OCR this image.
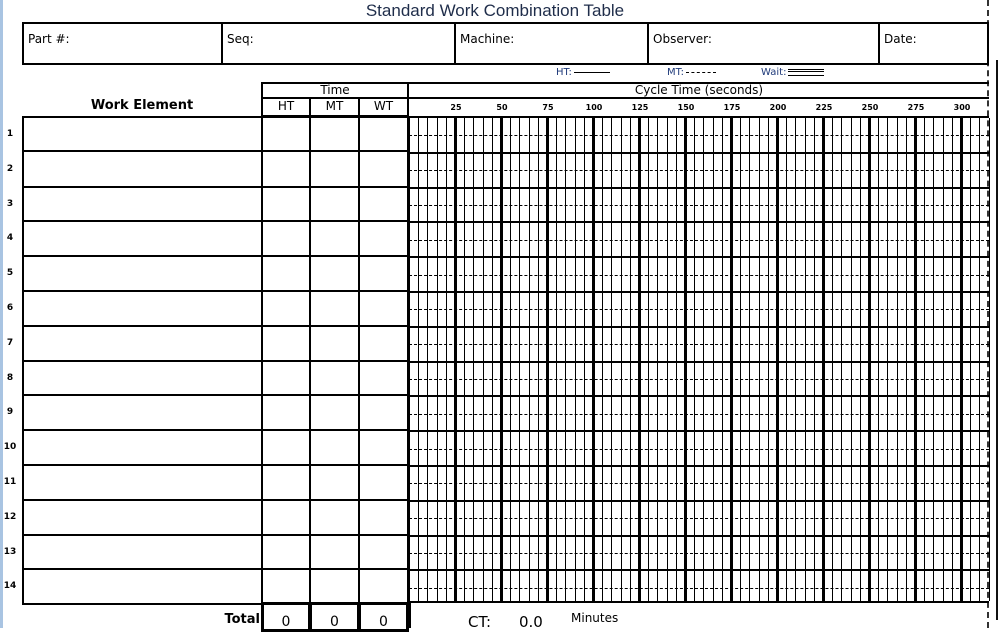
Standard Work Combination Table
Part #:	Seq:	Machine:	Observer:	Date:
HT:	MT:	Wait:
Work Element
Time
HT	MT	WT
Cycle Time (seconds)
25	50	75	100	125	150	175	200	225	250	275	300
1
2
3
4
5
6
7
8
9
10
11
12
13
14
Total	0	0	0	CT: 0.0 Minutes
